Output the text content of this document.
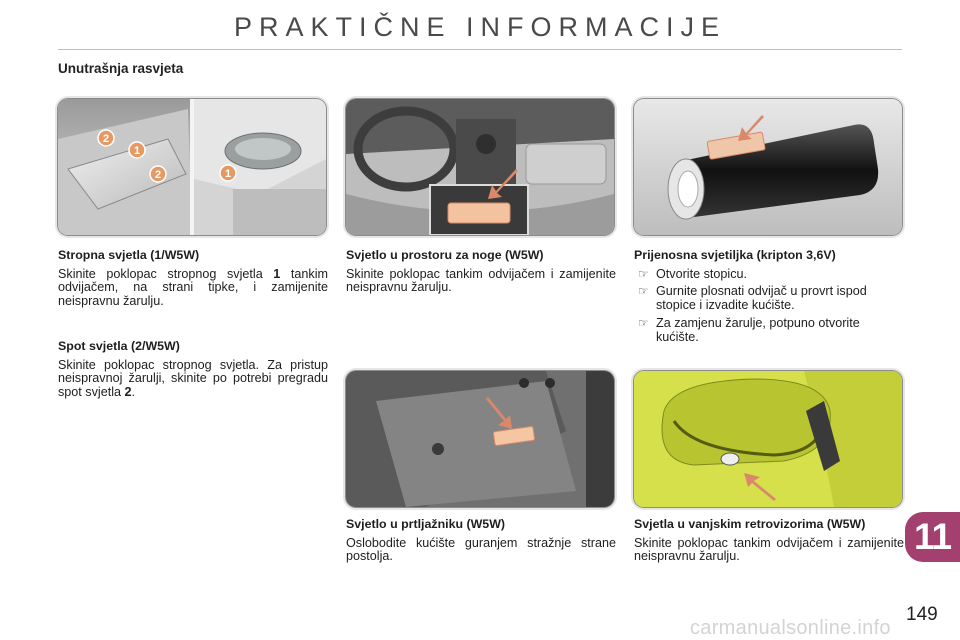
PRAKTIČNE INFORMACIJE
Unutrašnja rasvjeta
2
1
2	1
Stropna svjetla (1/W5W)

Skinite poklopac stropnog svjetla 1 tankim odvijačem, na strani tipke, i zamijenite neispravnu žarulju.

Spot svjetla (2/W5W)

Skinite poklopac stropnog svjetla. Za pristup neispravnoj žarulji, skinite po potrebi pregradu spot svjetla 2.

Svjetlo u prostoru za noge (W5W)

Skinite poklopac tankim odvijačem i zamijenite neispravnu žarulju.

Prijenosna svjetiljka (kripton 3,6V)
☞ Otvorite stopicu.
☞ Gurnite plosnati odvijač u provrt ispod stopice i izvadite kućište.
☞ Za zamjenu žarulje, potpuno otvorite kućište.
Svjetlo u prtljažniku (W5W)

Oslobodite kućište guranjem stražnje strane postolja.

Svjetla u vanjskim retrovizorima (W5W)

Skinite poklopac tankim odvijačem i zamijenite neispravnu žarulju.	11
149
carmanualsonline.info
